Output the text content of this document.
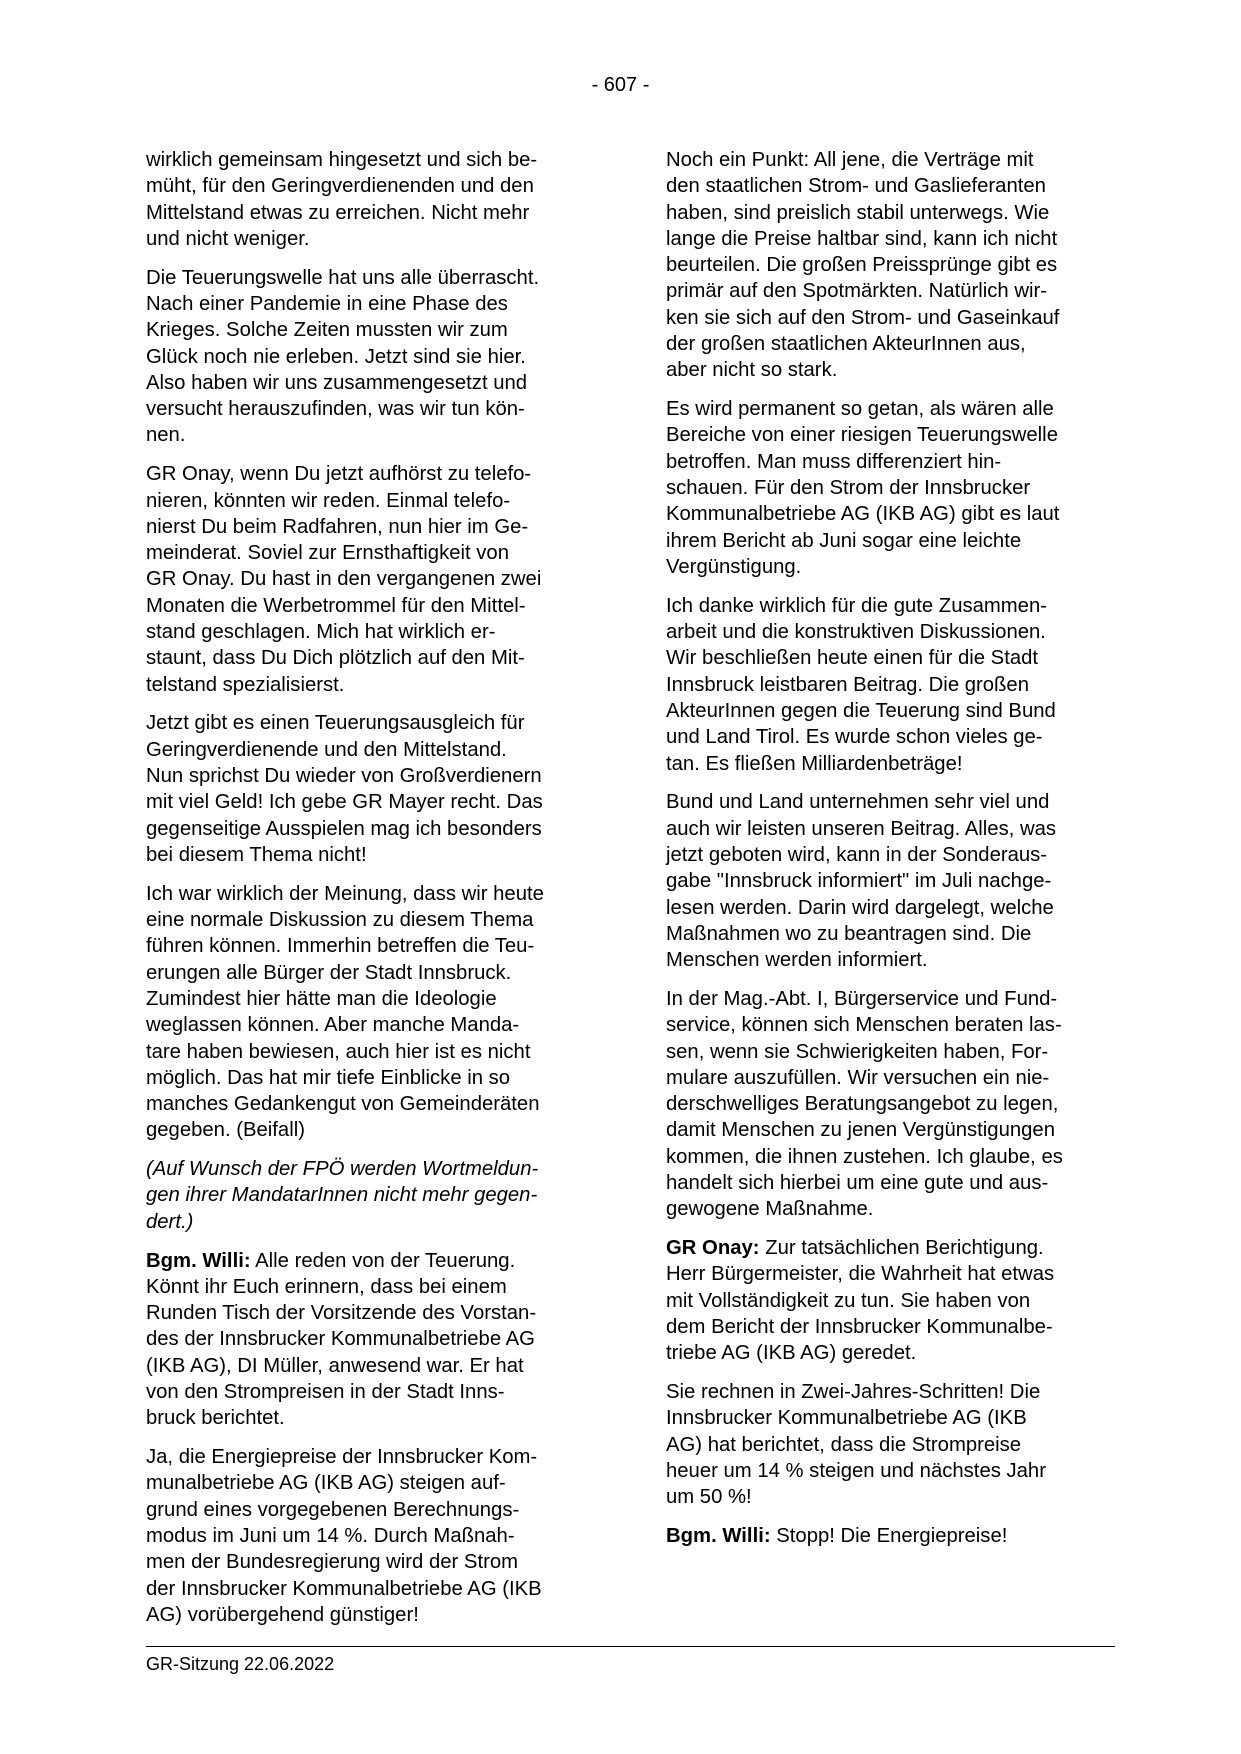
- 607 -

wirklich gemeinsam hingesetzt und sich be-
müht, für den Geringverdienenden und den
Mittelstand etwas zu erreichen. Nicht mehr
und nicht weniger.

Die Teuerungswelle hat uns alle überrascht.
Nach einer Pandemie in eine Phase des
Krieges. Solche Zeiten mussten wir zum
Glück noch nie erleben. Jetzt sind sie hier.
Also haben wir uns zusammengesetzt und
versucht herauszufinden, was wir tun kön-
nen.

GR Onay, wenn Du jetzt aufhörst zu telefo-
nieren, könnten wir reden. Einmal telefo-
nierst Du beim Radfahren, nun hier im Ge-
meinderat. Soviel zur Ernsthaftigkeit von
GR Onay. Du hast in den vergangenen zwei
Monaten die Werbetrommel für den Mittel-
stand geschlagen. Mich hat wirklich er-
staunt, dass Du Dich plötzlich auf den Mit-
telstand spezialisierst.

Jetzt gibt es einen Teuerungsausgleich für
Geringverdienende und den Mittelstand.
Nun sprichst Du wieder von Großverdienern
mit viel Geld! Ich gebe GR Mayer recht. Das
gegenseitige Ausspielen mag ich besonders
bei diesem Thema nicht!

Ich war wirklich der Meinung, dass wir heute
eine normale Diskussion zu diesem Thema
führen können. Immerhin betreffen die Teu-
erungen alle Bürger der Stadt Innsbruck.
Zumindest hier hätte man die Ideologie
weglassen können. Aber manche Manda-
tare haben bewiesen, auch hier ist es nicht
möglich. Das hat mir tiefe Einblicke in so
manches Gedankengut von Gemeinderäten
gegeben. (Beifall)

(Auf Wunsch der FPÖ werden Wortmeldun-
gen ihrer MandatarInnen nicht mehr gegen-
dert.)

Bgm. Willi: Alle reden von der Teuerung.
Könnt ihr Euch erinnern, dass bei einem
Runden Tisch der Vorsitzende des Vorstan-
des der Innsbrucker Kommunalbetriebe AG
(IKB AG), DI Müller, anwesend war. Er hat
von den Strompreisen in der Stadt Inns-
bruck berichtet.

Ja, die Energiepreise der Innsbrucker Kom-
munalbetriebe AG (IKB AG) steigen auf-
grund eines vorgegebenen Berechnungs-
modus im Juni um 14 %. Durch Maßnah-
men der Bundesregierung wird der Strom
der Innsbrucker Kommunalbetriebe AG (IKB
AG) vorübergehend günstiger!

Noch ein Punkt: All jene, die Verträge mit
den staatlichen Strom- und Gaslieferanten
haben, sind preislich stabil unterwegs. Wie
lange die Preise haltbar sind, kann ich nicht
beurteilen. Die großen Preissprünge gibt es
primär auf den Spotmärkten. Natürlich wir-
ken sie sich auf den Strom- und Gaseinkauf
der großen staatlichen AkteurInnen aus,
aber nicht so stark.

Es wird permanent so getan, als wären alle
Bereiche von einer riesigen Teuerungswelle
betroffen. Man muss differenziert hin-
schauen. Für den Strom der Innsbrucker
Kommunalbetriebe AG (IKB AG) gibt es laut
ihrem Bericht ab Juni sogar eine leichte
Vergünstigung.

Ich danke wirklich für die gute Zusammen-
arbeit und die konstruktiven Diskussionen.
Wir beschließen heute einen für die Stadt
Innsbruck leistbaren Beitrag. Die großen
AkteurInnen gegen die Teuerung sind Bund
und Land Tirol. Es wurde schon vieles ge-
tan. Es fließen Milliardenbeträge!

Bund und Land unternehmen sehr viel und
auch wir leisten unseren Beitrag. Alles, was
jetzt geboten wird, kann in der Sonderaus-
gabe "Innsbruck informiert" im Juli nachge-
lesen werden. Darin wird dargelegt, welche
Maßnahmen wo zu beantragen sind. Die
Menschen werden informiert.

In der Mag.-Abt. I, Bürgerservice und Fund-
service, können sich Menschen beraten las-
sen, wenn sie Schwierigkeiten haben, For-
mulare auszufüllen. Wir versuchen ein nie-
derschwelliges Beratungsangebot zu legen,
damit Menschen zu jenen Vergünstigungen
kommen, die ihnen zustehen. Ich glaube, es
handelt sich hierbei um eine gute und aus-
gewogene Maßnahme.

GR Onay: Zur tatsächlichen Berichtigung.
Herr Bürgermeister, die Wahrheit hat etwas
mit Vollständigkeit zu tun. Sie haben von
dem Bericht der Innsbrucker Kommunalbe-
triebe AG (IKB AG) geredet.

Sie rechnen in Zwei-Jahres-Schritten! Die
Innsbrucker Kommunalbetriebe AG (IKB
AG) hat berichtet, dass die Strompreise
heuer um 14 % steigen und nächstes Jahr
um 50 %!

Bgm. Willi: Stopp! Die Energiepreise!

GR-Sitzung 22.06.2022
